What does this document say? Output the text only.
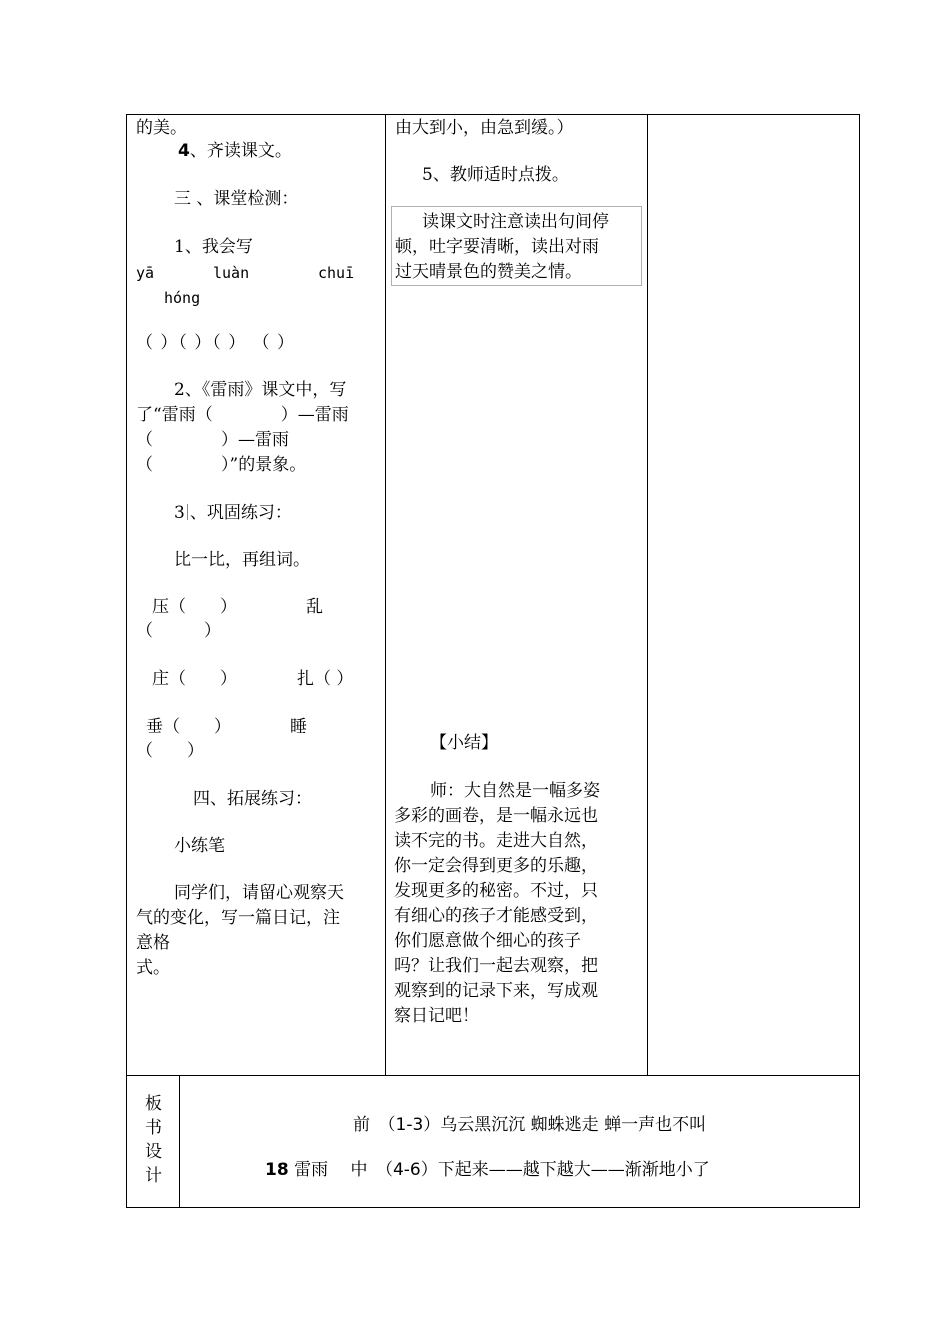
的美。
4、齐读课文。
三 、课堂检测：
1、我会写
yā	luàn	chuī
hóng
（ ）（ ）（ ） （ ）
2、《雷雨》课文中，写
了“雷雨（　　　　）—雷雨
（　　　　）—雷雨
（　　　　）”的景象。
3 、巩固练习：
比一比，再组词。
压（　　）	乱
（　　　）
庄（　　）	扎（ ）
垂（　　）	睡
（　　）
四、拓展练习：
小练笔
同学们，请留心观察天
气的变化，写一篇日记，注
意格
式。
由大到小，由急到缓。）
5、教师适时点拨。
读课文时注意读出句间停
顿，吐字要清晰，读出对雨
过天晴景色的赞美之情。
【小结】
师：大自然是一幅多姿
多彩的画卷，是一幅永远也
读不完的书。走进大自然，
你一定会得到更多的乐趣，
发现更多的秘密。不过，只
有细心的孩子才能感受到，
你们愿意做个细心的孩子
吗？让我们一起去观察，把
观察到的记录下来，写成观
察日记吧！
板
书
设
计
前　（1-3）乌云黑沉沉 蜘蛛逃走 蝉一声也不叫
18 雷雨　 中　（4-6）下起来——越下越大——渐渐地小了
